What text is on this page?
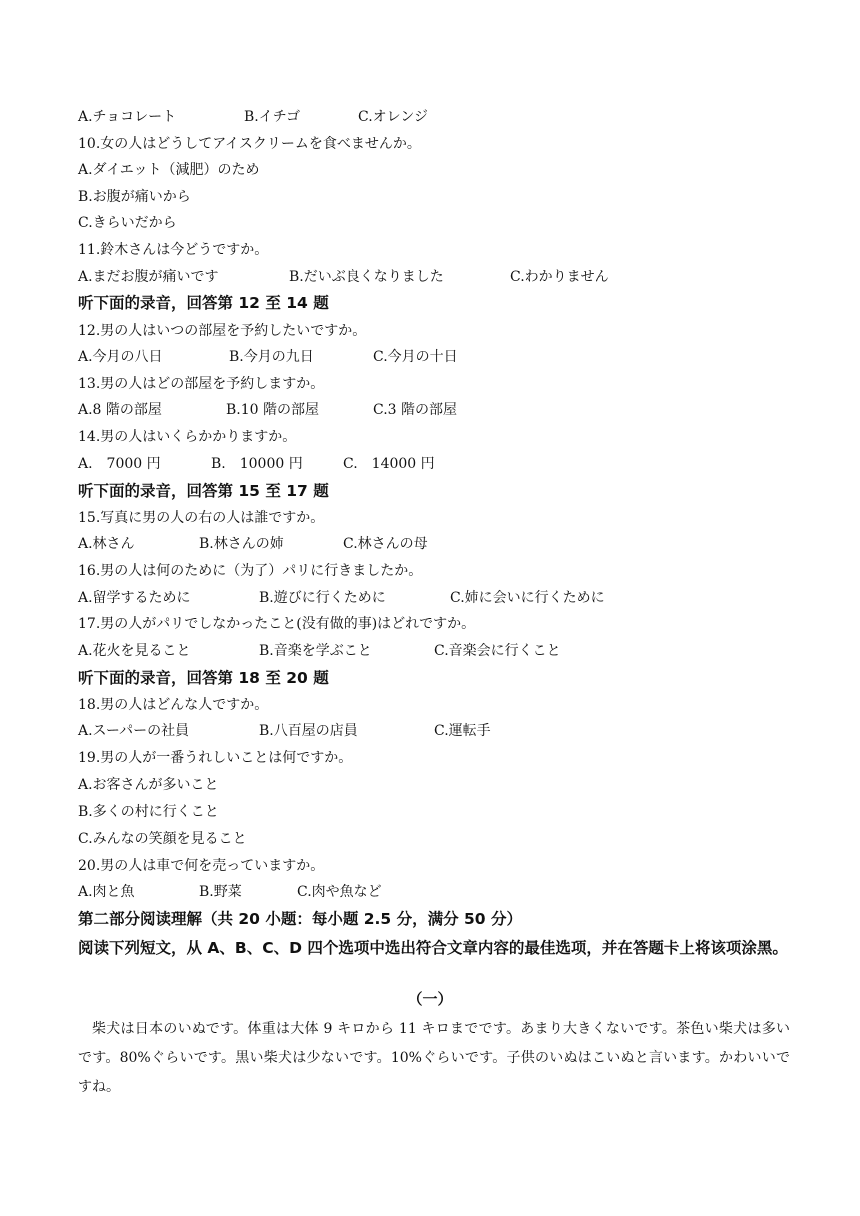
A.チョコレート	B.イチゴ	C.オレンジ
10.女の人はどうしてアイスクリームを食べませんか。
A.ダイエット（減肥）のため
B.お腹が痛いから
C.きらいだから
11.鈴木さんは今どうですか。
A.まだお腹が痛いです	B.だいぶ良くなりました	C.わかりません
听下面的录音，回答第 12 至 14 题
12.男の人はいつの部屋を予約したいですか。
A.今月の八日	B.今月の九日	C.今月の十日
13.男の人はどの部屋を予約しますか。
A.8 階の部屋	B.10 階の部屋	C.3 階の部屋
14.男の人はいくらかかりますか。
A.　7000 円	B.　10000 円	C.　14000 円
听下面的录音，回答第 15 至 17 题
15.写真に男の人の右の人は誰ですか。
A.林さん	B.林さんの姉	C.林さんの母
16.男の人は何のために（为了）パリに行きましたか。
A.留学するために	B.遊びに行くために	C.姉に会いに行くために
17.男の人がパリでしなかったこと(没有做的事)はどれですか。
A.花火を見ること	B.音楽を学ぶこと	C.音楽会に行くこと
听下面的录音，回答第 18 至 20 题
18.男の人はどんな人ですか。
A.スーパーの社員	B.八百屋の店員	C.運転手
19.男の人が一番うれしいことは何ですか。
A.お客さんが多いこと
B.多くの村に行くこと
C.みんなの笑顔を見ること
20.男の人は車で何を売っていますか。
A.肉と魚	B.野菜	C.肉や魚など
第二部分阅读理解（共 20 小题：每小题 2.5 分，满分 50 分）
阅读下列短文，从 A、B、C、D 四个选项中选出符合文章内容的最佳选项，并在答题卡上将该项涂黑。
（一）
柴犬は日本のいぬです。体重は大体 9 キロから 11 キロまでです。あまり大きくないです。茶色い柴犬は多いです。80%ぐらいです。黒い柴犬は少ないです。10%ぐらいです。子供のいぬはこいぬと言います。かわいいですね。
